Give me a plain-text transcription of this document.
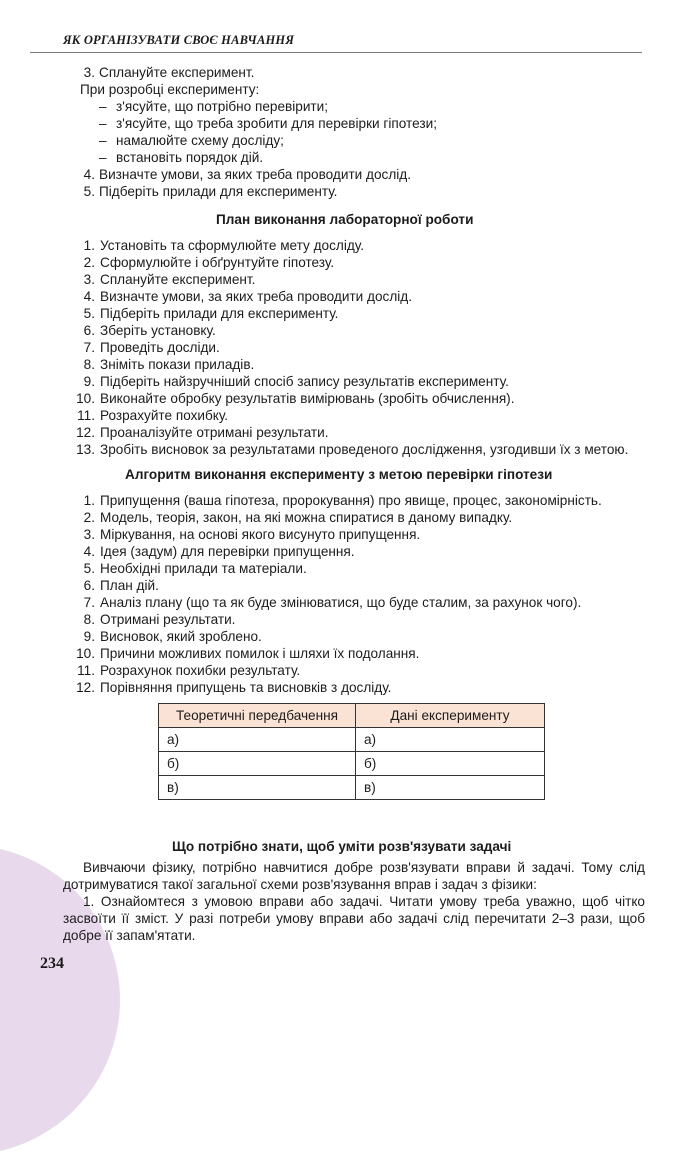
ЯК ОРГАНІЗУВАТИ СВОЄ НАВЧАННЯ
3. Сплануйте експеримент.
При розробці експерименту:
– з'ясуйте, що потрібно перевірити;
– з'ясуйте, що треба зробити для перевірки гіпотези;
– намалюйте схему досліду;
– встановіть порядок дій.
4. Визначте умови, за яких треба проводити дослід.
5. Підберіть прилади для експерименту.
План виконання лабораторної роботи
1. Установіть та сформулюйте мету досліду.
2. Сформулюйте і обґрунтуйте гіпотезу.
3. Сплануйте експеримент.
4. Визначте умови, за яких треба проводити дослід.
5. Підберіть прилади для експерименту.
6. Зберіть установку.
7. Проведіть досліди.
8. Зніміть покази приладів.
9. Підберіть найзручніший спосіб запису результатів експерименту.
10. Виконайте обробку результатів вимірювань (зробіть обчислення).
11. Розрахуйте похибку.
12. Проаналізуйте отримані результати.
13. Зробіть висновок за результатами проведеного дослідження, узгодивши їх з метою.
Алгоритм виконання експерименту з метою перевірки гіпотези
1. Припущення (ваша гіпотеза, пророкування) про явище, процес, закономірність.
2. Модель, теорія, закон, на які можна спиратися в даному випадку.
3. Міркування, на основі якого висунуто припущення.
4. Ідея (задум) для перевірки припущення.
5. Необхідні прилади та матеріали.
6. План дій.
7. Аналіз плану (що та як буде змінюватися, що буде сталим, за рахунок чого).
8. Отримані результати.
9. Висновок, який зроблено.
10. Причини можливих помилок і шляхи їх подолання.
11. Розрахунок похибки результату.
12. Порівняння припущень та висновків з досліду.
Теоретичні передбачення	Дані експерименту
а)	а)
б)	б)
в)	в)
Що потрібно знати, щоб уміти розв'язувати задачі

Вивчаючи фізику, потрібно навчитися добре розв'язувати вправи й задачі. Тому слід дотримуватися такої загальної схеми розв'язування вправ і задач з фізики:

1. Ознайомтеся з умовою вправи або задачі. Читати умову треба уважно, щоб чітко засвоїти її зміст. У разі потреби умову вправи або задачі слід перечитати 2–3 рази, щоб добре її запам'ятати.

234
